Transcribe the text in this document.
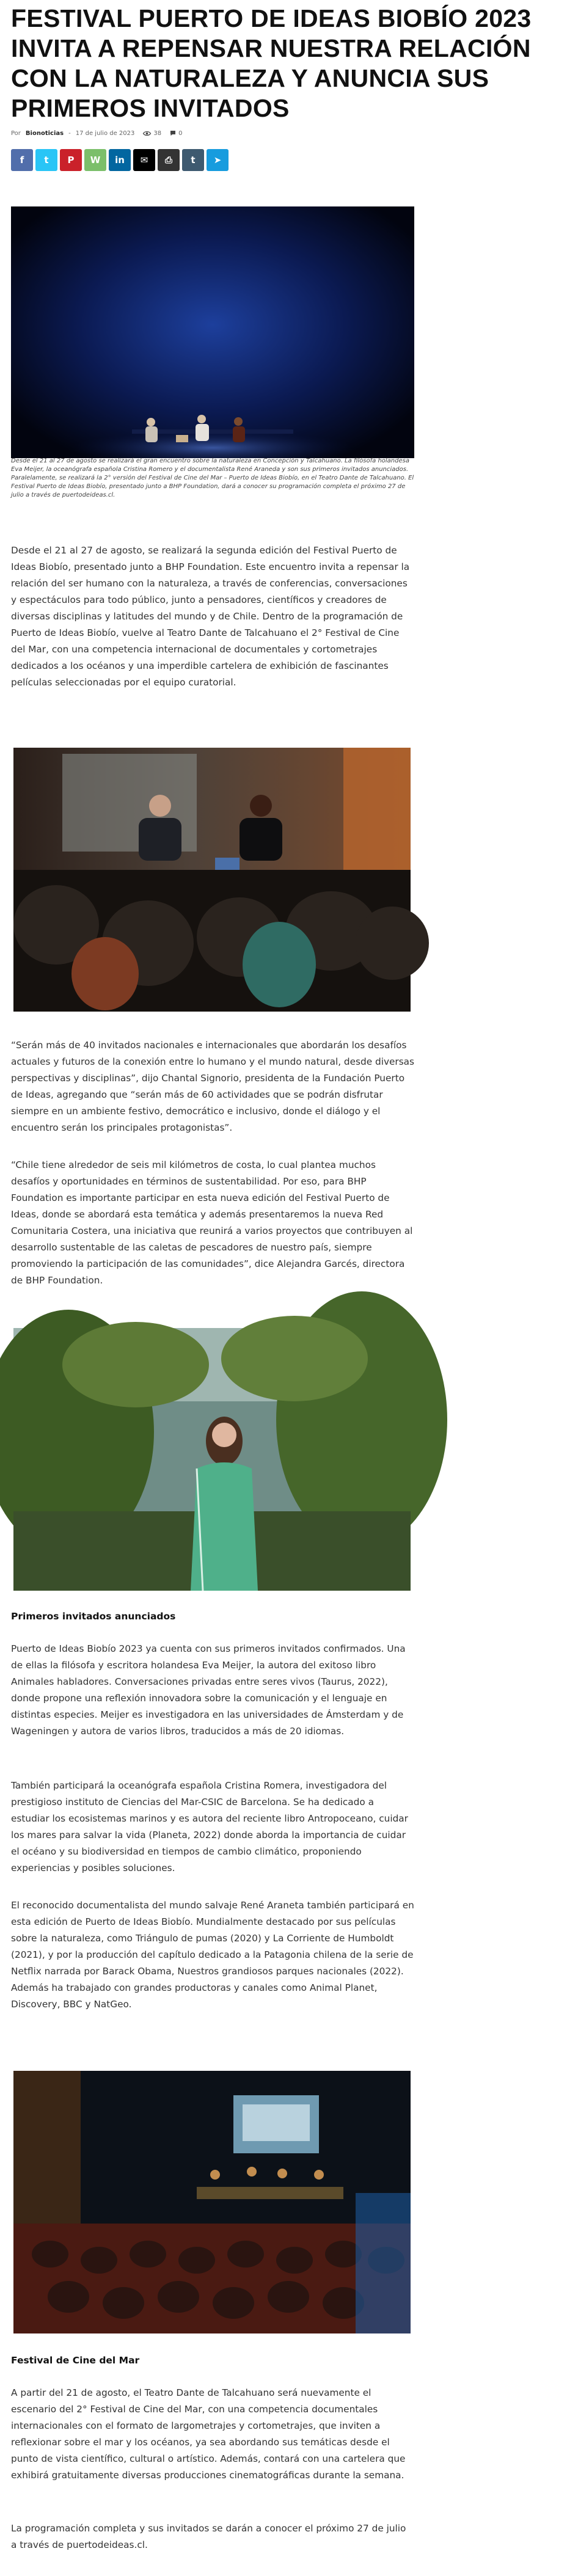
FESTIVAL PUERTO DE IDEAS BIOBÍO 2023 INVITA A REPENSAR NUESTRA RELACIÓN CON LA NATURALEZA Y ANUNCIA SUS PRIMEROS INVITADOS
Por Bionoticias - 17 de julio de 2023	38	0
f t P W in ✉ ⎙ t ➤
Desde el 21 al 27 de agosto se realizará el gran encuentro sobre la naturaleza en Concepción y Talcahuano. La filósofa holandesa Eva Meijer, la oceanógrafa española Cristina Romero y el documentalista René Araneda y son sus primeros invitados anunciados. Paralelamente, se realizará la 2° versión del Festival de Cine del Mar – Puerto de Ideas Biobío, en el Teatro Dante de Talcahuano. El Festival Puerto de Ideas Biobío, presentado junto a BHP Foundation, dará a conocer su programación completa el próximo 27 de julio a través de puertodeideas.cl.

Desde el 21 al 27 de agosto, se realizará la segunda edición del Festival Puerto de Ideas Biobío, presentado junto a BHP Foundation. Este encuentro invita a repensar la relación del ser humano con la naturaleza, a través de conferencias, conversaciones y espectáculos para todo público, junto a pensadores, científicos y creadores de diversas disciplinas y latitudes del mundo y de Chile. Dentro de la programación de Puerto de Ideas Biobío, vuelve al Teatro Dante de Talcahuano el 2° Festival de Cine del Mar, con una competencia internacional de documentales y cortometrajes dedicados a los océanos y una imperdible cartelera de exhibición de fascinantes películas seleccionadas por el equipo curatorial.

“Serán más de 40 invitados nacionales e internacionales que abordarán los desafíos actuales y futuros de la conexión entre lo humano y el mundo natural, desde diversas perspectivas y disciplinas”, dijo Chantal Signorio, presidenta de la Fundación Puerto de Ideas, agregando que “serán más de 60 actividades que se podrán disfrutar siempre en un ambiente festivo, democrático e inclusivo, donde el diálogo y el encuentro serán los principales protagonistas”.

“Chile tiene alrededor de seis mil kilómetros de costa, lo cual plantea muchos desafíos y oportunidades en términos de sustentabilidad. Por eso, para BHP Foundation es importante participar en esta nueva edición del Festival Puerto de Ideas, donde se abordará esta temática y además presentaremos la nueva Red Comunitaria Costera, una iniciativa que reunirá a varios proyectos que contribuyen al desarrollo sustentable de las caletas de pescadores de nuestro país, siempre promoviendo la participación de las comunidades”, dice Alejandra Garcés, directora de BHP Foundation.

Primeros invitados anunciados

Puerto de Ideas Biobío 2023 ya cuenta con sus primeros invitados confirmados. Una de ellas la filósofa y escritora holandesa Eva Meijer, la autora del exitoso libro Animales habladores. Conversaciones privadas entre seres vivos (Taurus, 2022), donde propone una reflexión innovadora sobre la comunicación y el lenguaje en distintas especies. Meijer es investigadora en las universidades de Ámsterdam y de Wageningen y autora de varios libros, traducidos a más de 20 idiomas.

También participará la oceanógrafa española Cristina Romera, investigadora del prestigioso instituto de Ciencias del Mar-CSIC de Barcelona. Se ha dedicado a estudiar los ecosistemas marinos y es autora del reciente libro Antropoceano, cuidar los mares para salvar la vida (Planeta, 2022) donde aborda la importancia de cuidar el océano y su biodiversidad en tiempos de cambio climático, proponiendo experiencias y posibles soluciones.

El reconocido documentalista del mundo salvaje René Araneta también participará en esta edición de Puerto de Ideas Biobío. Mundialmente destacado por sus películas sobre la naturaleza, como Triángulo de pumas (2020) y La Corriente de Humboldt (2021), y por la producción del capítulo dedicado a la Patagonia chilena de la serie de Netflix narrada por Barack Obama, Nuestros grandiosos parques nacionales (2022). Además ha trabajado con grandes productoras y canales como Animal Planet, Discovery, BBC y NatGeo.

Festival de Cine del Mar

A partir del 21 de agosto, el Teatro Dante de Talcahuano será nuevamente el escenario del 2° Festival de Cine del Mar, con una competencia documentales internacionales con el formato de largometrajes y cortometrajes, que inviten a reflexionar sobre el mar y los océanos, ya sea abordando sus temáticas desde el punto de vista científico, cultural o artístico. Además, contará con una cartelera que exhibirá gratuitamente diversas producciones cinematográficas durante la semana.

La programación completa y sus invitados se darán a conocer el próximo 27 de julio a través de puertodeideas.cl.
